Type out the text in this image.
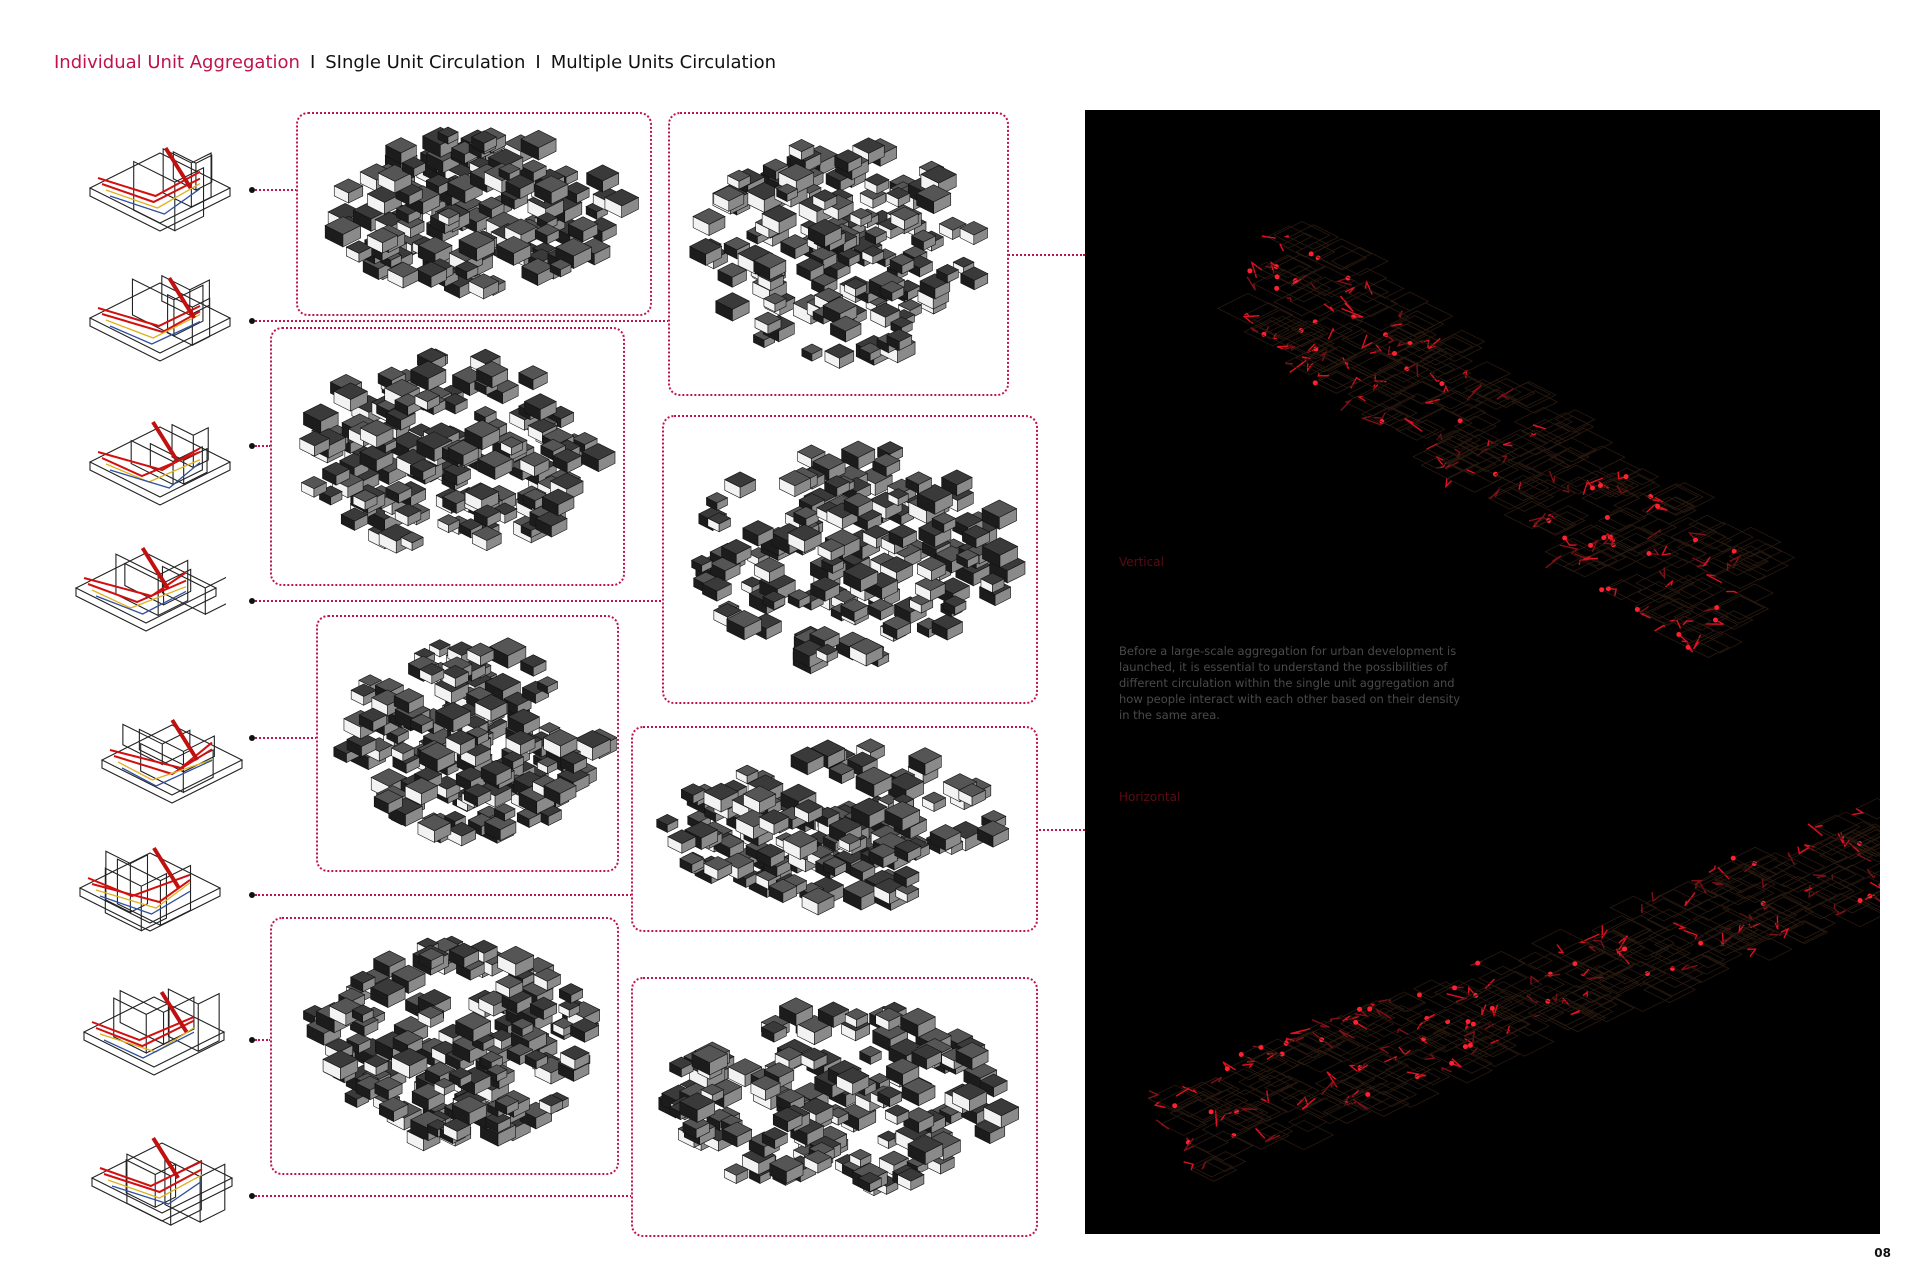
Individual Unit Aggregation I SIngle Unit Circulation I Multiple Units Circulation
Vertical
Before a large-scale aggregation for urban development is launched, it is essential to understand the possibilities of different circulation within the single unit aggregation and how people interact with each other based on their density in the same area.
Horizontal
08
